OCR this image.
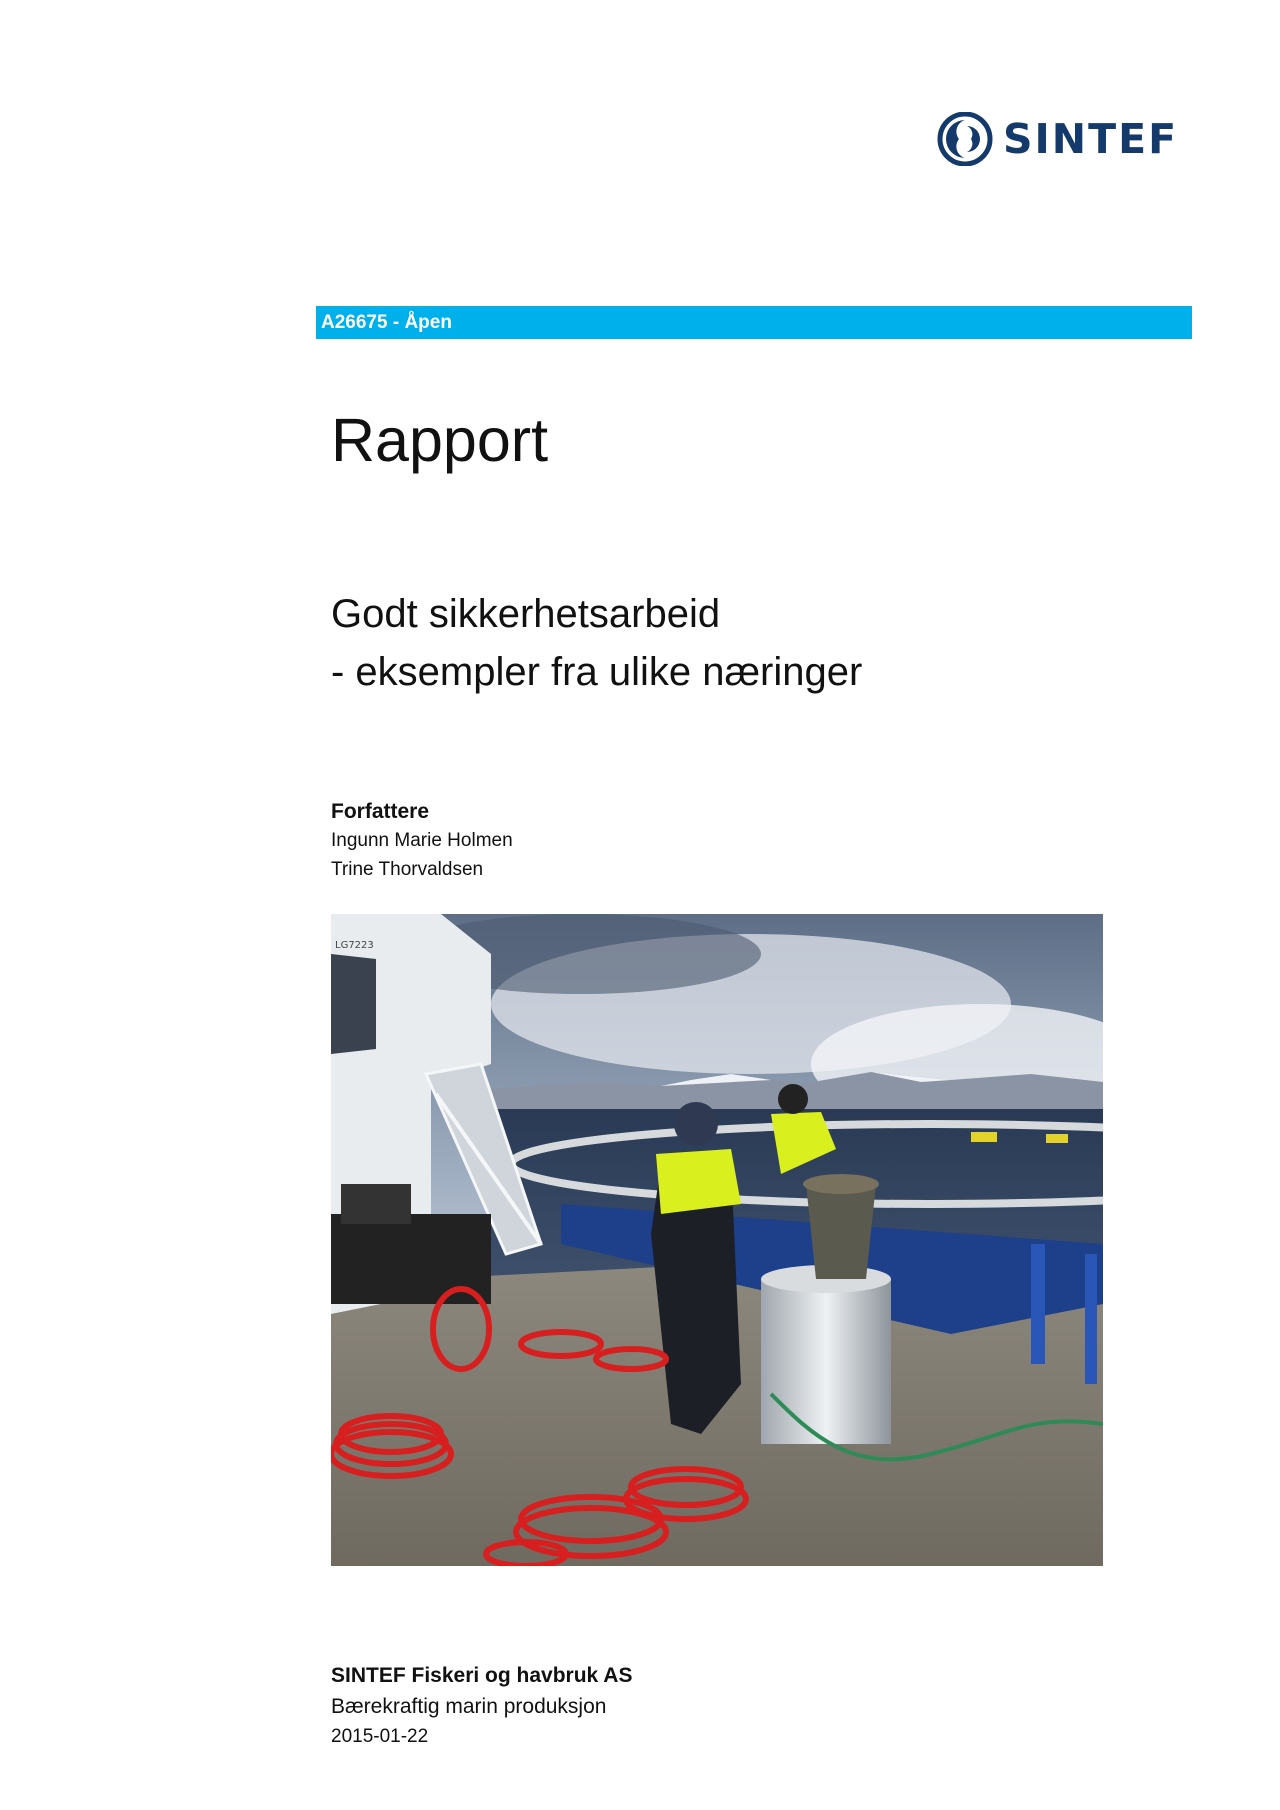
SINTEF
A26675 - Åpen
Rapport
Godt sikkerhetsarbeid
- eksempler fra ulike næringer
Forfattere
Ingunn Marie Holmen
Trine Thorvaldsen
LG7223
SINTEF Fiskeri og havbruk AS
Bærekraftig marin produksjon
2015-01-22
